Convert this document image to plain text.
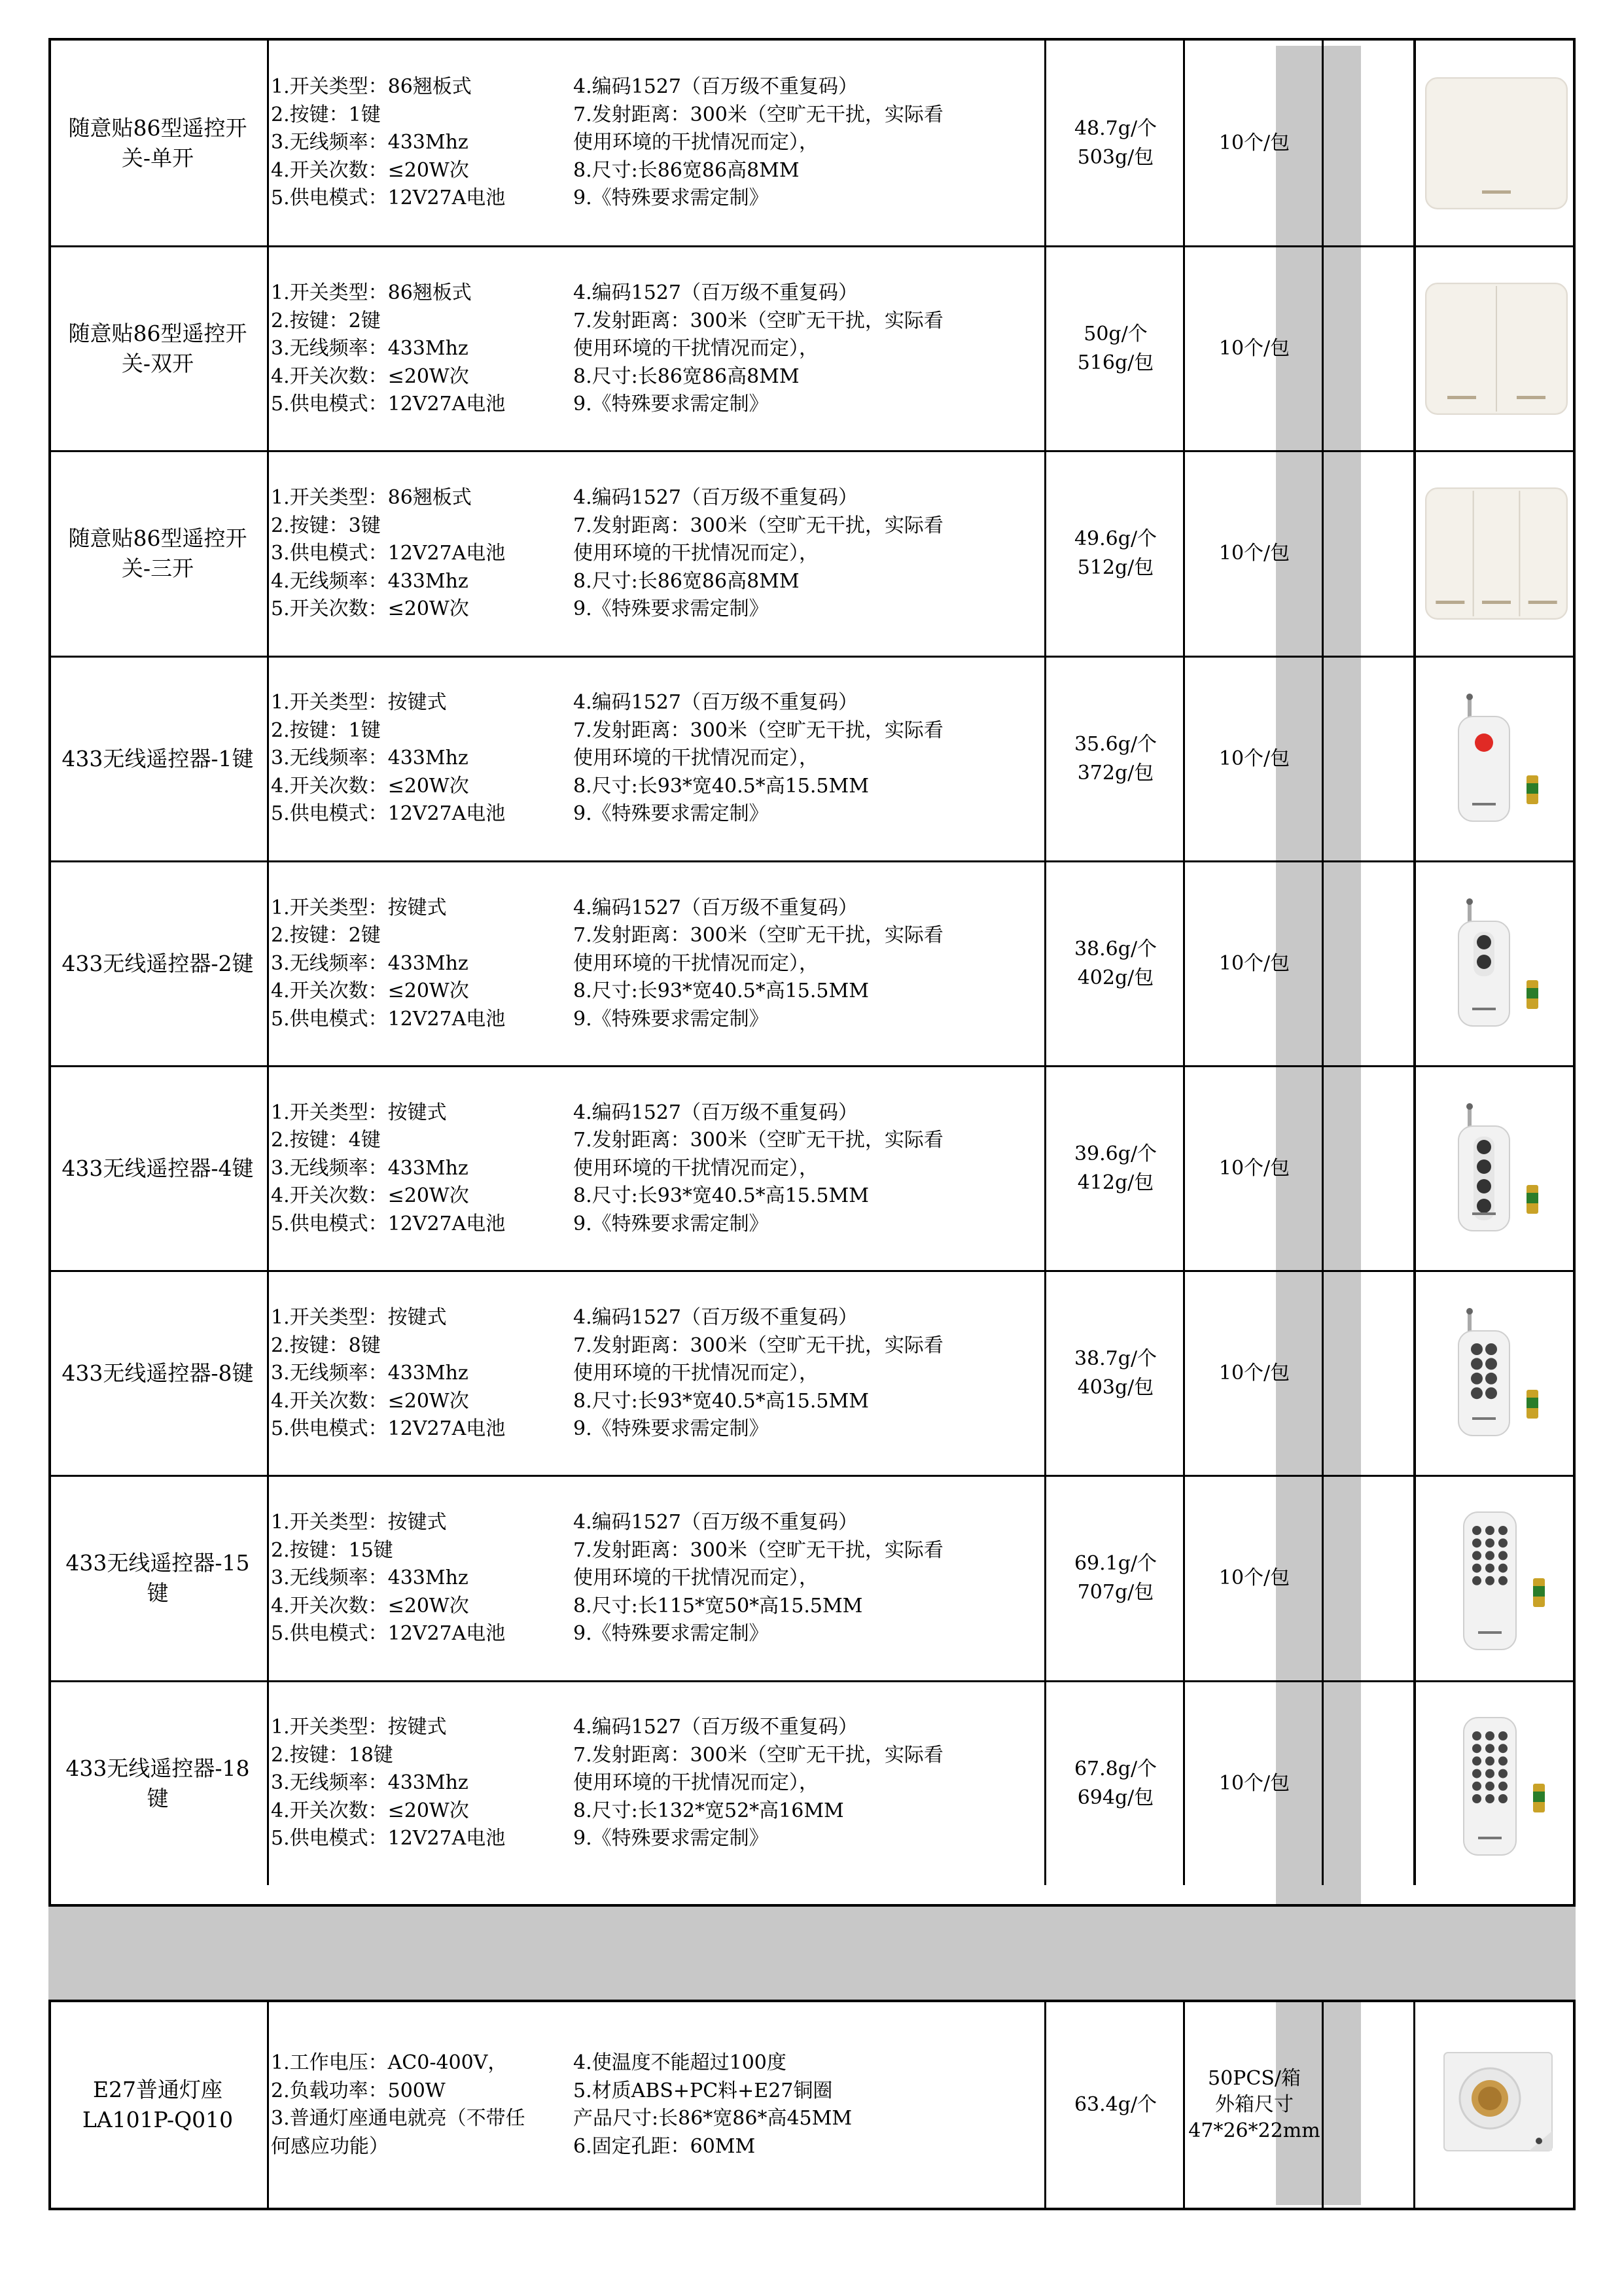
随意贴86型遥控开关-单开
1.开关类型：86翘板式	4.编码1527（百万级不重复码）
2.按键：1键	7.发射距离：300米（空旷无干扰，实际看
3.无线频率：433Mhz	使用环境的干扰情况而定），
4.开关次数：≤20W次	8.尺寸:长86宽86高8MM
5.供电模式：12V27A电池	9.《特殊要求需定制》
48.7g/个
503g/包
10个/包
随意贴86型遥控开关-双开
1.开关类型：86翘板式	4.编码1527（百万级不重复码）
2.按键：2键	7.发射距离：300米（空旷无干扰，实际看
3.无线频率：433Mhz	使用环境的干扰情况而定），
4.开关次数：≤20W次	8.尺寸:长86宽86高8MM
5.供电模式：12V27A电池	9.《特殊要求需定制》
50g/个
516g/包
10个/包
随意贴86型遥控开关-三开
1.开关类型：86翘板式	4.编码1527（百万级不重复码）
2.按键：3键	7.发射距离：300米（空旷无干扰，实际看
3.供电模式：12V27A电池	使用环境的干扰情况而定），
4.无线频率：433Mhz	8.尺寸:长86宽86高8MM
5.开关次数：≤20W次	9.《特殊要求需定制》
49.6g/个
512g/包
10个/包
433无线遥控器-1键
1.开关类型：按键式	4.编码1527（百万级不重复码）
2.按键：1键	7.发射距离：300米（空旷无干扰，实际看
3.无线频率：433Mhz	使用环境的干扰情况而定），
4.开关次数：≤20W次	8.尺寸:长93*宽40.5*高15.5MM
5.供电模式：12V27A电池	9.《特殊要求需定制》
35.6g/个
372g/包
10个/包
433无线遥控器-2键
1.开关类型：按键式	4.编码1527（百万级不重复码）
2.按键：2键	7.发射距离：300米（空旷无干扰，实际看
3.无线频率：433Mhz	使用环境的干扰情况而定），
4.开关次数：≤20W次	8.尺寸:长93*宽40.5*高15.5MM
5.供电模式：12V27A电池	9.《特殊要求需定制》
38.6g/个
402g/包
10个/包
433无线遥控器-4键
1.开关类型：按键式	4.编码1527（百万级不重复码）
2.按键：4键	7.发射距离：300米（空旷无干扰，实际看
3.无线频率：433Mhz	使用环境的干扰情况而定），
4.开关次数：≤20W次	8.尺寸:长93*宽40.5*高15.5MM
5.供电模式：12V27A电池	9.《特殊要求需定制》
39.6g/个
412g/包
10个/包
433无线遥控器-8键
1.开关类型：按键式	4.编码1527（百万级不重复码）
2.按键：8键	7.发射距离：300米（空旷无干扰，实际看
3.无线频率：433Mhz	使用环境的干扰情况而定），
4.开关次数：≤20W次	8.尺寸:长93*宽40.5*高15.5MM
5.供电模式：12V27A电池	9.《特殊要求需定制》
38.7g/个
403g/包
10个/包
433无线遥控器-15键
1.开关类型：按键式	4.编码1527（百万级不重复码）
2.按键：15键	7.发射距离：300米（空旷无干扰，实际看
3.无线频率：433Mhz	使用环境的干扰情况而定），
4.开关次数：≤20W次	8.尺寸:长115*宽50*高15.5MM
5.供电模式：12V27A电池	9.《特殊要求需定制》
69.1g/个
707g/包
10个/包
433无线遥控器-18键
1.开关类型：按键式	4.编码1527（百万级不重复码）
2.按键：18键	7.发射距离：300米（空旷无干扰，实际看
3.无线频率：433Mhz	使用环境的干扰情况而定），
4.开关次数：≤20W次	8.尺寸:长132*宽52*高16MM
5.供电模式：12V27A电池	9.《特殊要求需定制》
67.8g/个
694g/包
10个/包
E27普通灯座
LA101P-Q010
1.工作电压：AC0-400V，	4.使温度不能超过100度
2.负载功率：500W	5.材质ABS+PC料+E27铜圈
3.普通灯座通电就亮（不带任	产品尺寸:长86*宽86*高45MM
何感应功能）	6.固定孔距：60MM
63.4g/个
50PCS/箱
外箱尺寸
47*26*22mm
